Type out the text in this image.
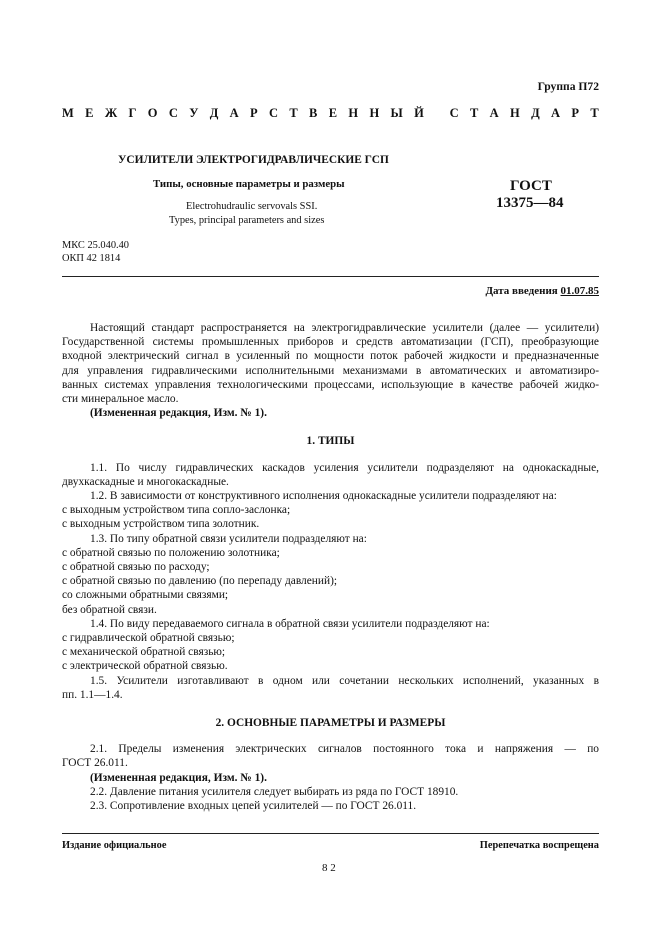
Группа П72
М Е Ж Г О С У Д А Р С Т В Е Н Н Ы Й
С Т А Н Д А Р Т
УСИЛИТЕЛИ ЭЛЕКТРОГИДРАВЛИЧЕСКИЕ ГСП
Типы, основные параметры и размеры
Electrohudraulic servovals SSI.
Types, principal parameters and sizes
ГОСТ
13375—84
МКС 25.040.40
ОКП 42 1814
Дата введения 01.07.85
Настоящий стандарт распространяется на электрогидравлические усилители (далее — усилители)
Государственной системы промышленных приборов и средств автоматизации (ГСП), преобразующие
входной электрический сигнал в усиленный по мощности поток рабочей жидкости и предназначенные
для управления гидравлическими исполнительными механизмами в автоматических и автоматизиро-
ванных системах управления технологическими процессами, использующие в качестве рабочей жидко-
сти минеральное масло.
(Измененная редакция, Изм. № 1).
1. ТИПЫ
1.1. По числу гидравлических каскадов усиления усилители подразделяют на однокаскадные,
двухкаскадные и многокаскадные.
1.2. В зависимости от конструктивного исполнения однокаскадные усилители подразделяют на:
с выходным устройством типа сопло-заслонка;
с выходным устройством типа золотник.
1.3. По типу обратной связи усилители подразделяют на:
с обратной связью по положению золотника;
с обратной связью по расходу;
с обратной связью по давлению (по перепаду давлений);
со сложными обратными связями;
без обратной связи.
1.4. По виду передаваемого сигнала в обратной связи усилители подразделяют на:
с гидравлической обратной связью;
с механической обратной связью;
с электрической обратной связью.
1.5. Усилители изготавливают в одном или сочетании нескольких исполнений, указанных в
пп. 1.1—1.4.
2. ОСНОВНЫЕ ПАРАМЕТРЫ И РАЗМЕРЫ
2.1. Пределы изменения электрических сигналов постоянного тока и напряжения — по
ГОСТ 26.011.
(Измененная редакция, Изм. № 1).
2.2. Давление питания усилителя следует выбирать из ряда по ГОСТ 18910.
2.3. Сопротивление входных цепей усилителей — по ГОСТ 26.011.
Издание официальное	Перепечатка воспрещена
8 2
